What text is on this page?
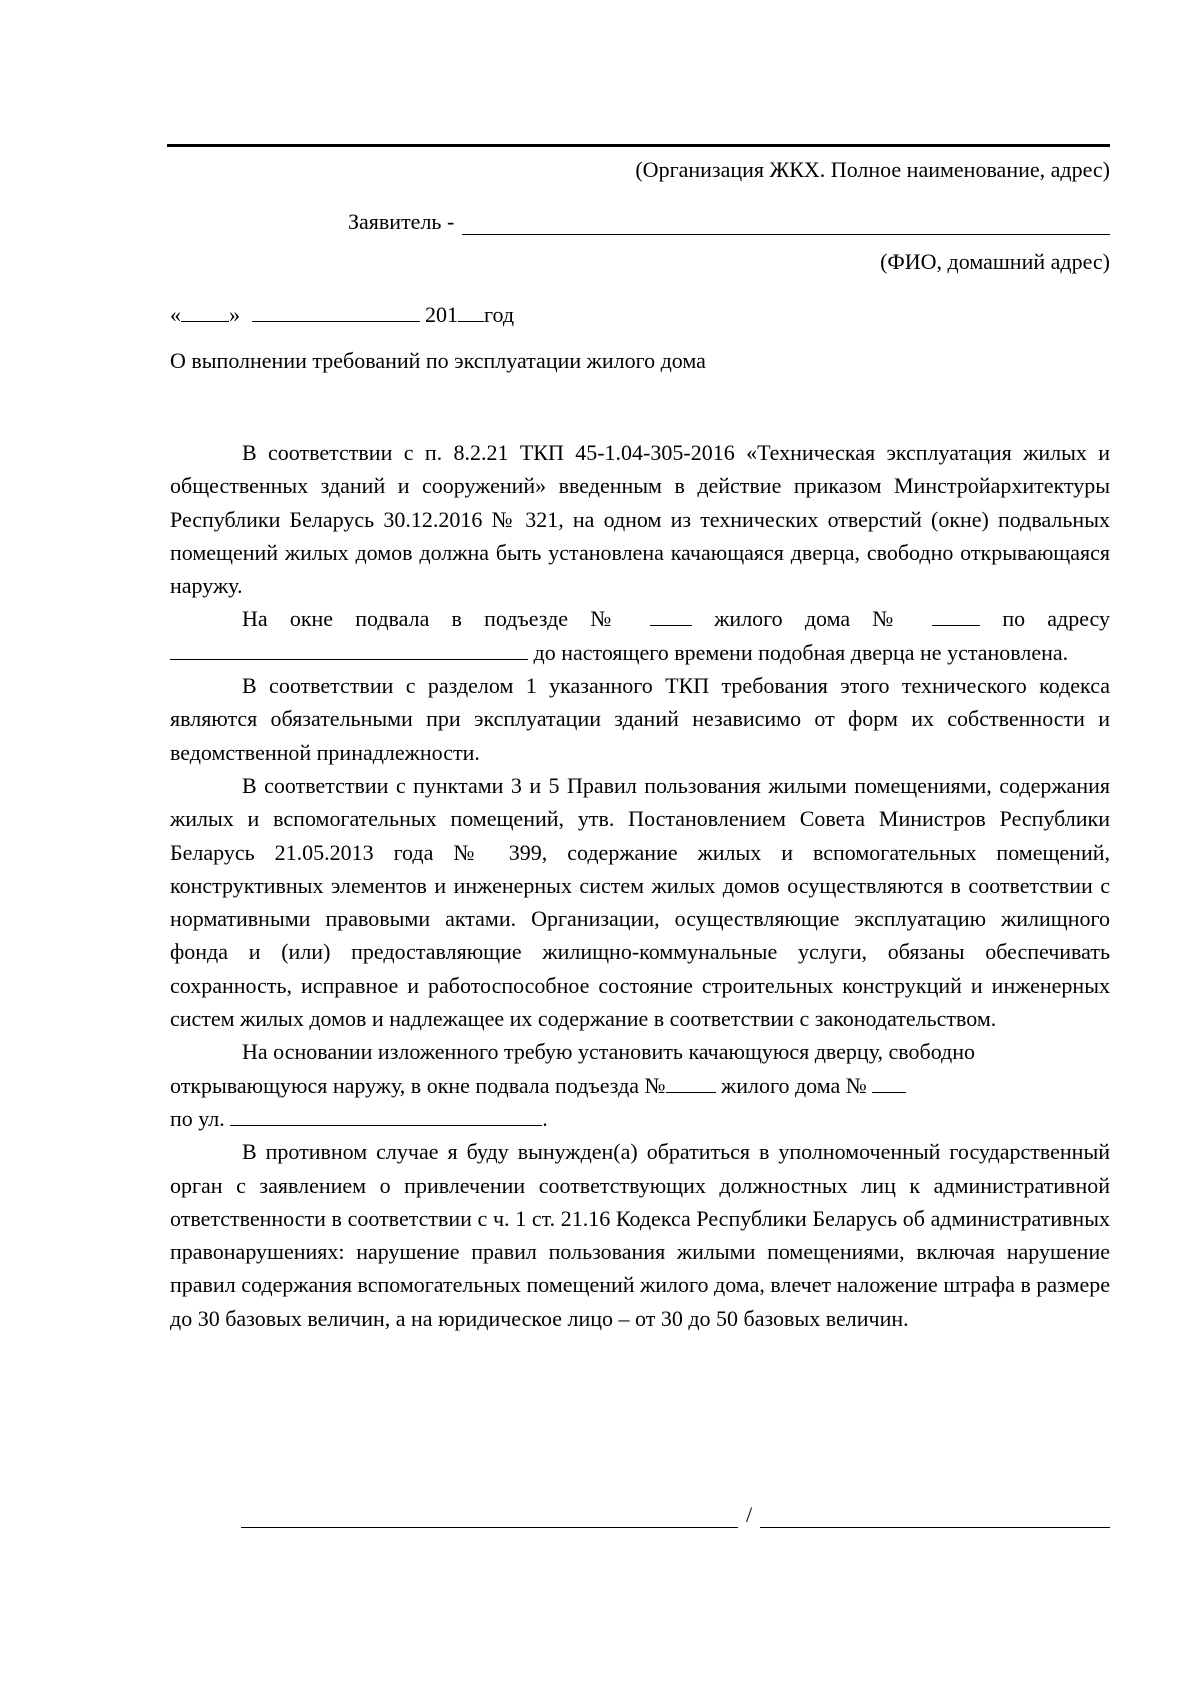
(Организация ЖКХ. Полное наименование, адрес)
Заявитель -
(ФИО, домашний адрес)
« »	201 год
О выполнении требований по эксплуатации жилого дома

В соответствии с п. 8.2.21 ТКП 45-1.04-305-2016 «Техническая эксплуатация жилых и общественных зданий и сооружений» введенным в действие приказом Минстройархитектуры Республики Беларусь 30.12.2016 № 321, на одном из технических отверстий (окне) подвальных помещений жилых домов должна быть установлена качающаяся дверца, свободно открывающаяся наружу.

На окне подвала в подъезде №	жилого дома №	по адресу  до настоящего времени подобная дверца не установлена.

В соответствии с разделом 1 указанного ТКП требования этого технического кодекса являются обязательными при эксплуатации зданий независимо от форм их собственности и ведомственной принадлежности.

В соответствии с пунктами 3 и 5 Правил пользования жилыми помещениями, содержания жилых и вспомогательных помещений, утв. Постановлением Совета Министров Республики Беларусь 21.05.2013 года № 399, содержание жилых и вспомогательных помещений, конструктивных элементов и инженерных систем жилых домов осуществляются в соответствии с нормативными правовыми актами. Организации, осуществляющие эксплуатацию жилищного фонда и (или) предоставляющие жилищно-коммунальные услуги, обязаны обеспечивать сохранность, исправное и работоспособное состояние строительных конструкций и инженерных систем жилых домов и надлежащее их содержание в соответствии с законодательством.

На основании изложенного требую установить качающуюся дверцу, свободно открывающуюся наружу, в окне подвала подъезда №	жилого дома №

по ул.	.

В противном случае я буду вынужден(а) обратиться в уполномоченный государственный орган с заявлением о привлечении соответствующих должностных лиц к административной ответственности в соответствии с ч. 1 ст. 21.16 Кодекса Республики Беларусь об административных правонарушениях: нарушение правил пользования жилыми помещениями, включая нарушение правил содержания вспомогательных помещений жилого дома, влечет наложение штрафа в размере до 30 базовых величин, а на юридическое лицо – от 30 до 50 базовых величин.

/
